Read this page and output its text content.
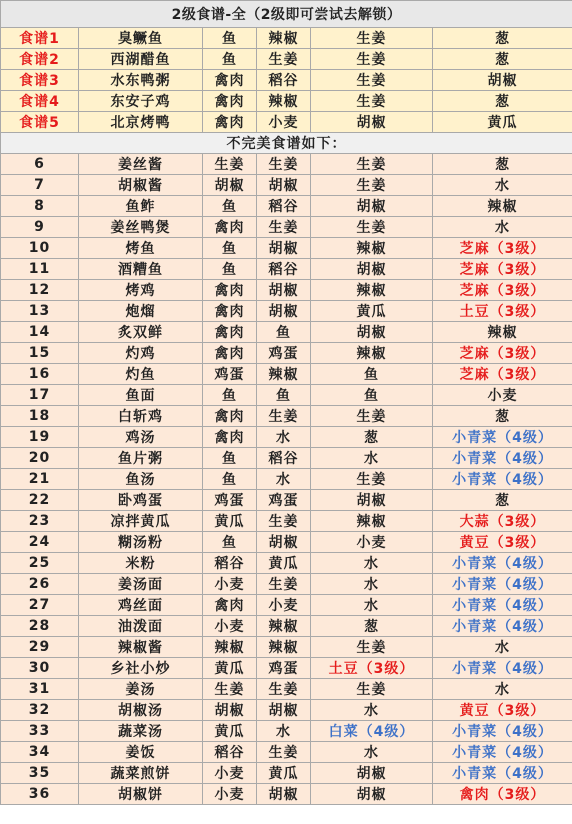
2级食谱-全（2级即可尝试去解锁）					
食谱1	臭鳜鱼	鱼	辣椒	生姜	葱
食谱2	西湖醋鱼	鱼	生姜	生姜	葱
食谱3	水东鸭粥	禽肉	稻谷	生姜	胡椒
食谱4	东安子鸡	禽肉	辣椒	生姜	葱
食谱5	北京烤鸭	禽肉	小麦	胡椒	黄瓜
不完美食谱如下：					
6	姜丝酱	生姜	生姜	生姜	葱
7	胡椒酱	胡椒	胡椒	生姜	水
8	鱼鲊	鱼	稻谷	胡椒	辣椒
9	姜丝鸭煲	禽肉	生姜	生姜	水
10	烤鱼	鱼	胡椒	辣椒	芝麻（3级）
11	酒糟鱼	鱼	稻谷	胡椒	芝麻（3级）
12	烤鸡	禽肉	胡椒	辣椒	芝麻（3级）
13	炮熘	禽肉	胡椒	黄瓜	土豆（3级）
14	炙双鲜	禽肉	鱼	胡椒	辣椒
15	灼鸡	禽肉	鸡蛋	辣椒	芝麻（3级）
16	灼鱼	鸡蛋	辣椒	鱼	芝麻（3级）
17	鱼面	鱼	鱼	鱼	小麦
18	白斩鸡	禽肉	生姜	生姜	葱
19	鸡汤	禽肉	水	葱	小青菜（4级）
20	鱼片粥	鱼	稻谷	水	小青菜（4级）
21	鱼汤	鱼	水	生姜	小青菜（4级）
22	卧鸡蛋	鸡蛋	鸡蛋	胡椒	葱
23	凉拌黄瓜	黄瓜	生姜	辣椒	大蒜（3级）
24	糊汤粉	鱼	胡椒	小麦	黄豆（3级）
25	米粉	稻谷	黄瓜	水	小青菜（4级）
26	姜汤面	小麦	生姜	水	小青菜（4级）
27	鸡丝面	禽肉	小麦	水	小青菜（4级）
28	油泼面	小麦	辣椒	葱	小青菜（4级）
29	辣椒酱	辣椒	辣椒	生姜	水
30	乡社小炒	黄瓜	鸡蛋	土豆（3级）	小青菜（4级）
31	姜汤	生姜	生姜	生姜	水
32	胡椒汤	胡椒	胡椒	水	黄豆（3级）
33	蔬菜汤	黄瓜	水	白菜（4级）	小青菜（4级）
34	姜饭	稻谷	生姜	水	小青菜（4级）
35	蔬菜煎饼	小麦	黄瓜	胡椒	小青菜（4级）
36	胡椒饼	小麦	胡椒	胡椒	禽肉（3级）
